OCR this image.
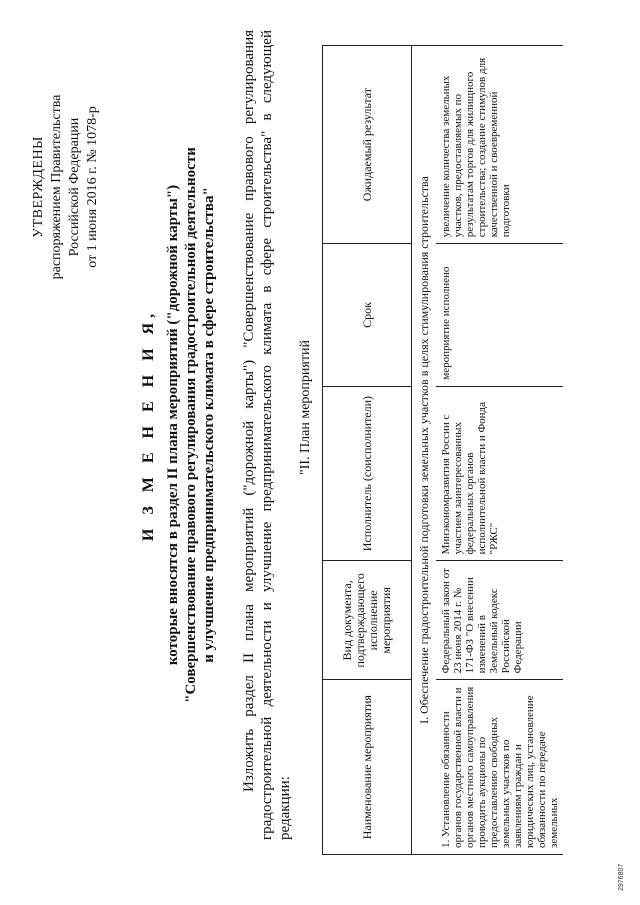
УТВЕРЖДЕНЫ распоряжением Правительства Российской Федерации от 1 июня 2016 г. № 1078-р
И З М Е Н Е Н И Я, которые вносятся в раздел II плана мероприятий ("дорожной карты") "Совершенствование правового регулирования градостроительной деятельности и улучшение предпринимательского климата в сфере строительства" Изложить раздел II плана мероприятий ("дорожной карты") "Совершенствование правового регулирования градостроительной деятельности и улучшение предпринимательского климата в сфере строительства" в следующей редакции:
"II. План мероприятий
Наименование мероприятия	Вид документа, подтверждающего исполнение мероприятия	Исполнитель (соисполнители)	Срок	Ожидаемый результат
I. Обеспечение градостроительной подготовки земельных участков в целях стимулирования строительства				
1. Установление обязанности органов государственной власти и органов местного самоуправления проводить аукционы по предоставлению свободных земельных участков по заявлениям граждан и юридических лиц, установление обязанности по передаче земельных	Федеральный закон от 23 июня 2014 г. № 171-ФЗ "О внесении изменений в Земельный кодекс Российской Федерации	Минэкономразвития России с участием заинтересованных федеральных органов исполнительной власти и Фонда "РЖС"	мероприятие исполнено	увеличение количества земельных участков, предоставляемых по результатам торгов для жилищного строительства; создание стимулов для качественной и своевременной подготовки
2976807
